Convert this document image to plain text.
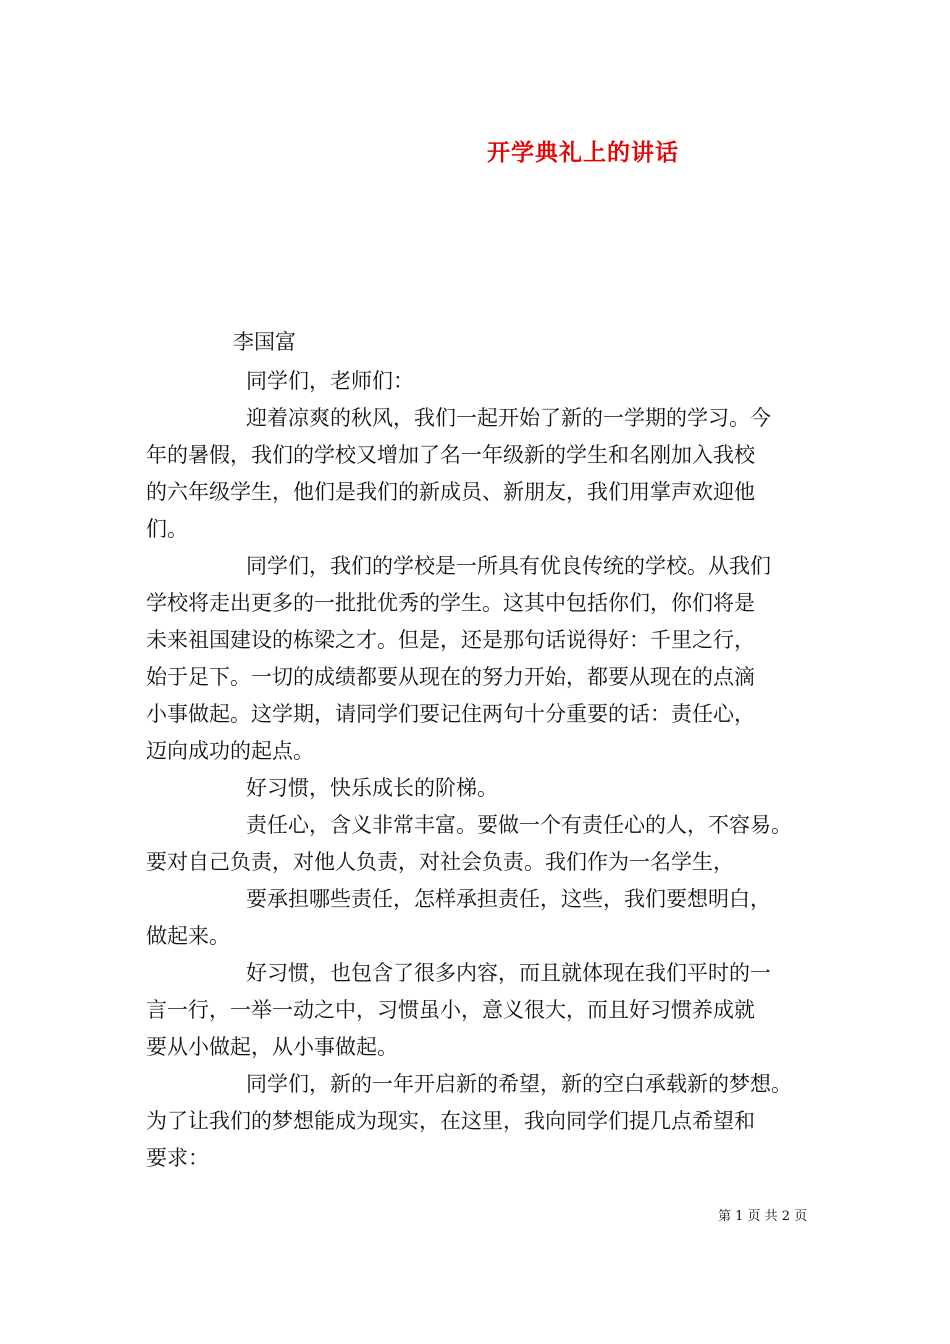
开学典礼上的讲话
李国富
同学们，老师们：
迎着凉爽的秋风，我们一起开始了新的一学期的学习。今
年的暑假，我们的学校又增加了名一年级新的学生和名刚加入我校
的六年级学生，他们是我们的新成员、新朋友，我们用掌声欢迎他
们。
同学们，我们的学校是一所具有优良传统的学校。从我们
学校将走出更多的一批批优秀的学生。这其中包括你们，你们将是
未来祖国建设的栋梁之才。但是，还是那句话说得好：千里之行，
始于足下。一切的成绩都要从现在的努力开始，都要从现在的点滴
小事做起。这学期，请同学们要记住两句十分重要的话：责任心，
迈向成功的起点。
好习惯，快乐成长的阶梯。
责任心，含义非常丰富。要做一个有责任心的人，不容易。
要对自己负责，对他人负责，对社会负责。我们作为一名学生，
要承担哪些责任，怎样承担责任，这些，我们要想明白，
做起来。
好习惯，也包含了很多内容，而且就体现在我们平时的一
言一行，一举一动之中，习惯虽小，意义很大，而且好习惯养成就
要从小做起，从小事做起。
同学们，新的一年开启新的希望，新的空白承载新的梦想。
为了让我们的梦想能成为现实，在这里，我向同学们提几点希望和
要求：
第 1 页 共 2 页
